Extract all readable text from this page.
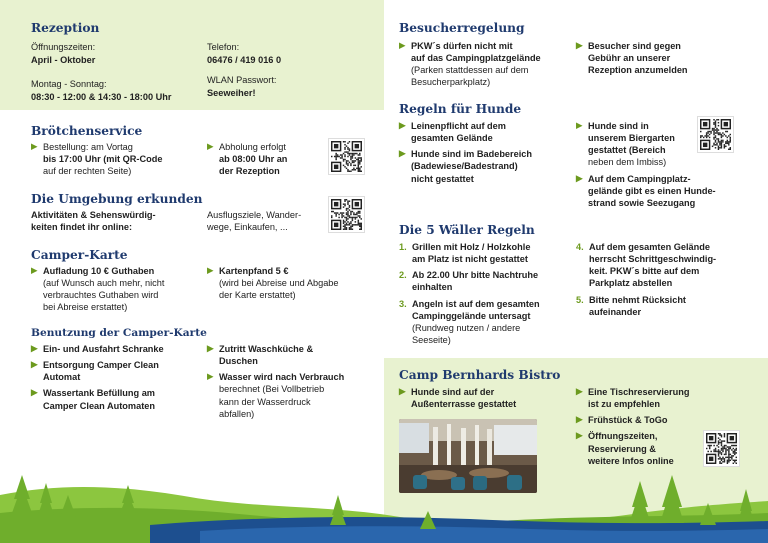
Rezeption
Öffnungszeiten:
April - Oktober
Montag - Sonntag:
08:30 - 12:00 & 14:30 - 18:00 Uhr
Telefon:
06476 / 419 016 0
WLAN Passwort:
Seeweiher!
Brötchenservice
▶ Bestellung: am Vortag
bis 17:00 Uhr (mit QR-Code
auf der rechten Seite)
▶ Abholung erfolgt
ab 08:00 Uhr an
der Rezeption
Die Umgebung erkunden
Aktivitäten & Sehenswürdig-
keiten findet ihr online:
Ausflugsziele, Wander-
wege, Einkaufen, ...
Camper-Karte
▶ Aufladung 10 € Guthaben
(auf Wunsch auch mehr, nicht
verbrauchtes Guthaben wird
bei Abreise erstattet)
▶ Kartenpfand 5 €
(wird bei Abreise und Abgabe
der Karte erstattet)
Benutzung der Camper-Karte
▶ Ein- und Ausfahrt Schranke
▶ Entsorgung Camper Clean
Automat
▶ Wassertank Befüllung am
Camper Clean Automaten
▶ Zutritt Waschküche &
Duschen
▶ Wasser wird nach Verbrauch
berechnet (Bei Vollbetrieb
kann der Wasserdruck
abfallen)
Besucherregelung
▶ PKW´s dürfen nicht mit
auf das Campingplatzgelände
(Parken stattdessen auf dem
Besucherparkplatz)
▶ Besucher sind gegen
Gebühr an unserer
Rezeption anzumelden
Regeln für Hunde
▶ Leinenpflicht auf dem
gesamten Gelände
▶ Hunde sind im Badebereich
(Badewiese/Badestrand)
nicht gestattet
▶ Hunde sind in
unserem Biergarten
gestattet (Bereich
neben dem Imbiss)
▶ Auf dem Campingplatz-
gelände gibt es einen Hunde-
strand sowie Seezugang
Die 5 Wäller Regeln
1. Grillen mit Holz / Holzkohle
am Platz ist nicht gestattet
2. Ab 22.00 Uhr bitte Nachtruhe
einhalten
3. Angeln ist auf dem gesamten
Campinggelände untersagt
(Rundweg nutzen / andere
Seeseite)
4. Auf dem gesamten Gelände
herrscht Schrittgeschwindig-
keit. PKW´s bitte auf dem
Parkplatz abstellen
5. Bitte nehmt Rücksicht
aufeinander
Camp Bernhards Bistro
▶ Hunde sind auf der
Außenterrasse gestattet
▶ Eine Tischreservierung
ist zu empfehlen
▶ Frühstück & ToGo
▶ Öffnungszeiten,
Reservierung &
weitere Infos online
